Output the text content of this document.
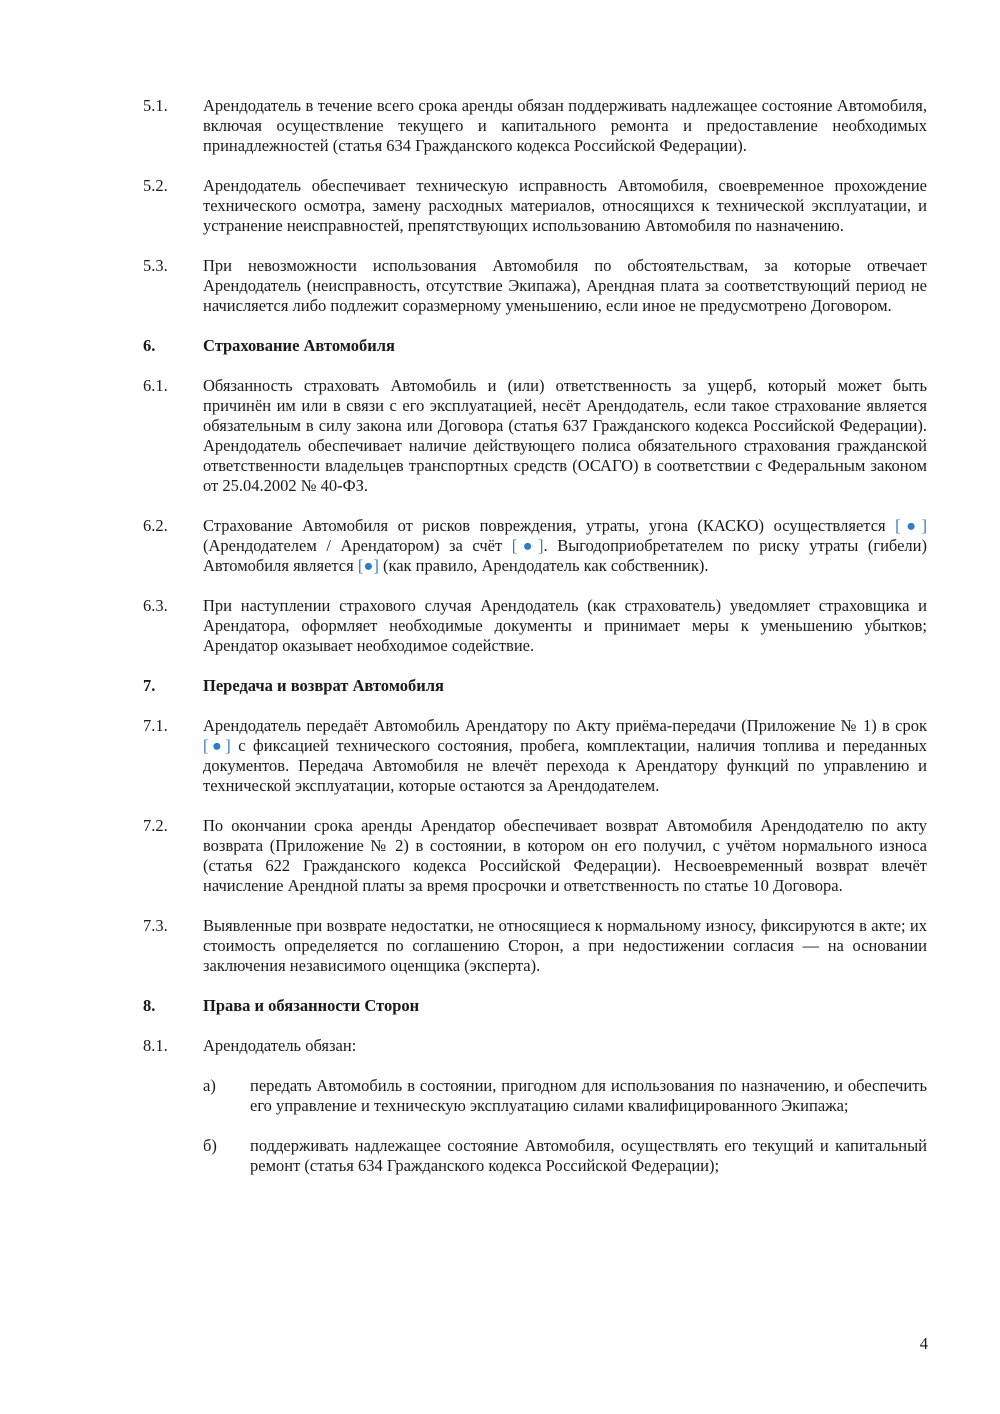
5.1.	Арендодатель в течение всего срока аренды обязан поддерживать надлежащее состояние Автомобиля, включая осуществление текущего и капитального ремонта и предоставление необходимых принадлежностей (статья 634 Гражданского кодекса Российской Федерации).
5.2.	Арендодатель обеспечивает техническую исправность Автомобиля, своевременное прохождение технического осмотра, замену расходных материалов, относящихся к технической эксплуатации, и устранение неисправностей, препятствующих использованию Автомобиля по назначению.
5.3.	При невозможности использования Автомобиля по обстоятельствам, за которые отвечает Арендодатель (неисправность, отсутствие Экипажа), Арендная плата за соответствующий период не начисляется либо подлежит соразмерному уменьшению, если иное не предусмотрено Договором.
6.	Страхование Автомобиля
6.1.	Обязанность страховать Автомобиль и (или) ответственность за ущерб, который может быть причинён им или в связи с его эксплуатацией, несёт Арендодатель, если такое страхование является обязательным в силу закона или Договора (статья 637 Гражданского кодекса Российской Федерации). Арендодатель обеспечивает наличие действующего полиса обязательного страхования гражданской ответственности владельцев транспортных средств (ОСАГО) в соответствии с Федеральным законом от 25.04.2002 № 40-ФЗ.
6.2.	Страхование Автомобиля от рисков повреждения, утраты, угона (КАСКО) осуществляется [●] (Арендодателем / Арендатором) за счёт [●]. Выгодоприобретателем по риску утраты (гибели) Автомобиля является [●] (как правило, Арендодатель как собственник).
6.3.	При наступлении страхового случая Арендодатель (как страхователь) уведомляет страховщика и Арендатора, оформляет необходимые документы и принимает меры к уменьшению убытков; Арендатор оказывает необходимое содействие.
7.	Передача и возврат Автомобиля
7.1.	Арендодатель передаёт Автомобиль Арендатору по Акту приёма-передачи (Приложение № 1) в срок [●] с фиксацией технического состояния, пробега, комплектации, наличия топлива и переданных документов. Передача Автомобиля не влечёт перехода к Арендатору функций по управлению и технической эксплуатации, которые остаются за Арендодателем.
7.2.	По окончании срока аренды Арендатор обеспечивает возврат Автомобиля Арендодателю по акту возврата (Приложение № 2) в состоянии, в котором он его получил, с учётом нормального износа (статья 622 Гражданского кодекса Российской Федерации). Несвоевременный возврат влечёт начисление Арендной платы за время просрочки и ответственность по статье 10 Договора.
7.3.	Выявленные при возврате недостатки, не относящиеся к нормальному износу, фиксируются в акте; их стоимость определяется по соглашению Сторон, а при недостижении согласия — на основании заключения независимого оценщика (эксперта).
8.	Права и обязанности Сторон
8.1.	Арендодатель обязан:
а)	передать Автомобиль в состоянии, пригодном для использования по назначению, и обеспечить его управление и техническую эксплуатацию силами квалифицированного Экипажа;
б)	поддерживать надлежащее состояние Автомобиля, осуществлять его текущий и капитальный ремонт (статья 634 Гражданского кодекса Российской Федерации);
4
